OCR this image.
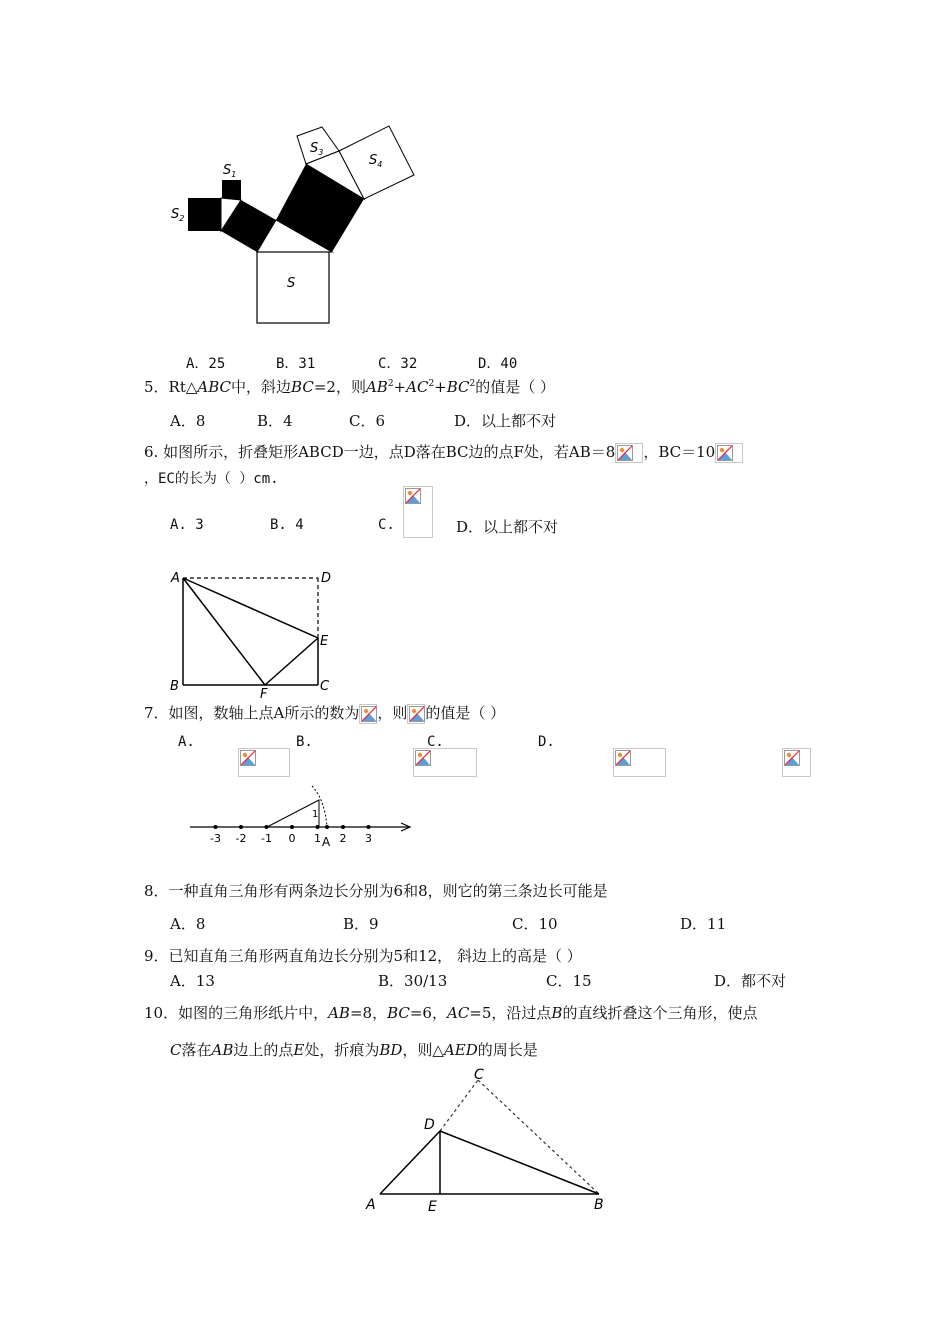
$S_1$
$S_2$
$S_3$
$S_4$
S
A．25	B．31	C．32	D．40
5．Rt△ABC中，斜边BC=2，则$AB^2+AC^2+BC^2$的值是（ ）
A．8	B．4	C．6	D．以上都不对
6. 如图所示，折叠矩形ABCD一边，点D落在BC边的点F处，若AB＝8 ，BC＝10
，EC的长为（ ）cm.
A. 3	B. 4	C.
	D．以上都不对
A	D
E
B
F
C
7．如图，数轴上点A所示的数为 ，则 的值是（ ）
A.
	B.
	C.
	D.
-3 -2 -1 0 1 2 3
1
A
8．一种直角三角形有两条边长分别为6和8，则它的第三条边长可能是
A．8	B．9	C．10	D．11
9．已知直角三角形两直角边长分别为5和12， 斜边上的高是（ ）
A．13	B．30/13	C．15	D．都不对
10．如图的三角形纸片中，AB=8，BC=6，AC=5，沿过点B的直线折叠这个三角形，使点
C落在AB边上的点E处，折痕为BD，则△AED的周长是
C
D
A	E	B
